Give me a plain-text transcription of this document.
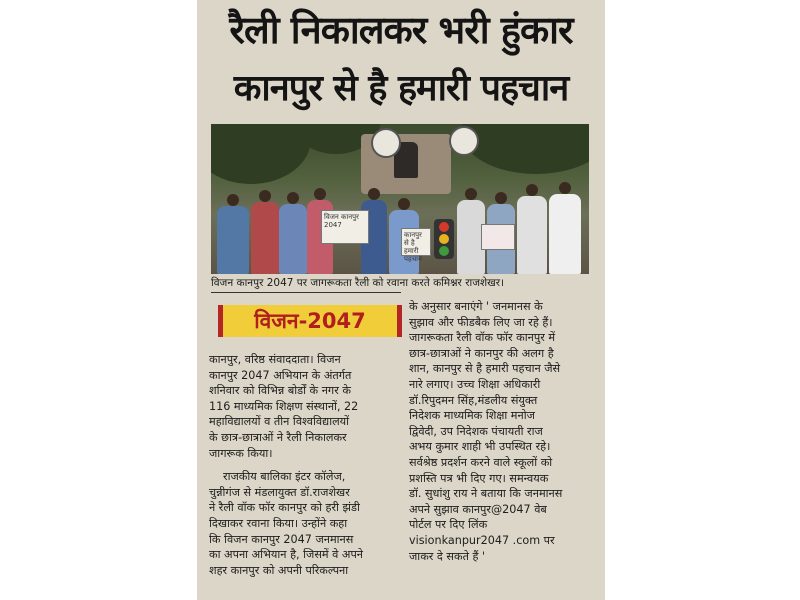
रैली निकालकर भरी हुंकार
कानपुर से है हमारी पहचान
विजन कानपुर 2047
कानपुर से है हमारी पहचान
विजन कानपुर 2047 पर जागरूकता रैली को रवाना करते कमिश्नर राजशेखर।
विजन-2047
कानपुर, वरिष्ठ संवाददाता। विजन
कानपुर 2047 अभियान के अंतर्गत
शनिवार को विभिन्न बोर्डों के नगर के
116 माध्यमिक शिक्षण संस्थानों, 22
महाविद्यालयों व तीन विश्वविद्यालयों
के छात्र-छात्राओं ने रैली निकालकर
जागरूक किया।
राजकीय बालिका इंटर कॉलेज,
चुन्नीगंज से मंडलायुक्त डॉ.राजशेखर
ने रैली वॉक फॉर कानपुर को हरी झंडी
दिखाकर रवाना किया। उन्होंने कहा
कि विजन कानपुर 2047 जनमानस
का अपना अभियान है, जिसमें वे अपने
शहर कानपुर को अपनी परिकल्पना
के अनुसार बनाएंगे ' जनमानस के
सुझाव और फीडबैक लिए जा रहे हैं।
जागरूकता रैली वॉक फॉर कानपुर में
छात्र-छात्राओं ने कानपुर की अलग है
शान, कानपुर से है हमारी पहचान जैसे
नारे लगाए। उच्च शिक्षा अधिकारी
डॉ.रिपुदमन सिंह,मंडलीय संयुक्त
निदेशक माध्यमिक शिक्षा मनोज
द्विवेदी, उप निदेशक पंचायती राज
अभय कुमार शाही भी उपस्थित रहे।
सर्वश्रेष्ठ प्रदर्शन करने वाले स्कूलों को
प्रशस्ति पत्र भी दिए गए। समन्वयक
डॉ. सुधांशु राय ने बताया कि जनमानस
अपने सुझाव कानपुर@2047 वेब
पोर्टल पर दिए लिंक
visionkanpur2047 .com पर
जाकर दे सकते हैं '
